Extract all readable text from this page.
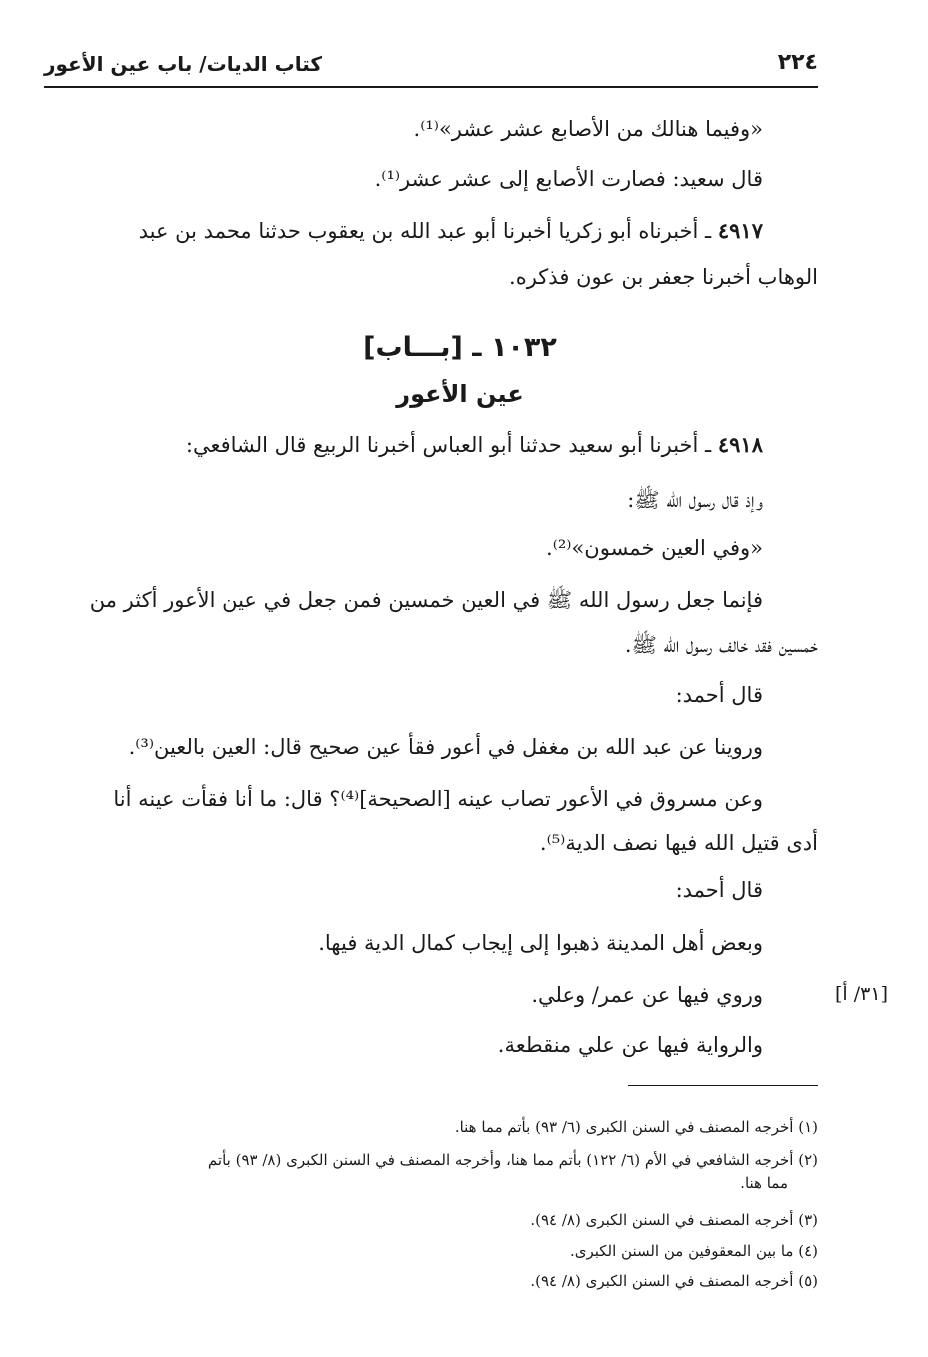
كتاب الديات/ باب عين الأعور	٢٢٤
«وفيما هنالك من الأصابع عشر عشر»⁽¹⁾.
قال سعيد: فصارت الأصابع إلى عشر عشر⁽¹⁾.
٤٩١٧ ـ أخبرناه أبو زكريا أخبرنا أبو عبد الله بن يعقوب حدثنا محمد بن عبد
الوهاب أخبرنا جعفر بن عون فذكره.
١٠٣٢ ـ [بـــاب]
عين الأعور
٤٩١٨ ـ أخبرنا أبو سعيد حدثنا أبو العباس أخبرنا الربيع قال الشافعي:
وإذ قال رسول الله ﷺ:
«وفي العين خمسون»⁽²⁾.
فإنما جعل رسول الله ﷺ في العين خمسين فمن جعل في عين الأعور أكثر من
خمسين فقد خالف رسول الله ﷺ.
قال أحمد:
وروينا عن عبد الله بن مغفل في أعور فقأ عين صحيح قال: العين بالعين⁽³⁾.
وعن مسروق في الأعور تصاب عينه [الصحيحة]⁽⁴⁾؟ قال: ما أنا فقأت عينه أنا
أدى قتيل الله فيها نصف الدية⁽⁵⁾.
قال أحمد:
وبعض أهل المدينة ذهبوا إلى إيجاب كمال الدية فيها.
وروي فيها عن عمر/ وعلي.	[٣١/ أ]
والرواية فيها عن علي منقطعة.
(١) أخرجه المصنف في السنن الكبرى (٦/ ٩٣) بأتم مما هنا.
(٢) أخرجه الشافعي في الأم (٦/ ١٢٢) بأتم مما هنا، وأخرجه المصنف في السنن الكبرى (٨/ ٩٣) بأتم
مما هنا.
(٣) أخرجه المصنف في السنن الكبرى (٨/ ٩٤).
(٤) ما بين المعقوفين من السنن الكبرى.
(٥) أخرجه المصنف في السنن الكبرى (٨/ ٩٤).
